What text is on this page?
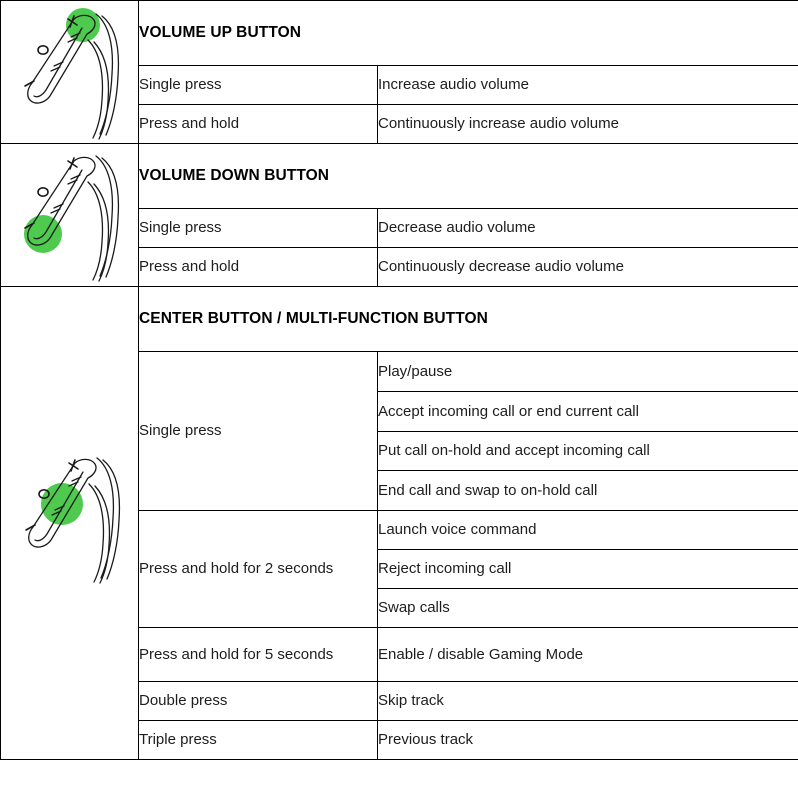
	VOLUME UP BUTTON	
	Single press	Increase audio volume
	Press and hold	Continuously increase audio volume

	VOLUME DOWN BUTTON	
	Single press	Decrease audio volume
	Press and hold	Continuously decrease audio volume

	CENTER BUTTON / MULTI-FUNCTION BUTTON	
	Single press	Play/pause
		Accept incoming call or end current call
		Put call on-hold and accept incoming call
		End call and swap to on-hold call
	Press and hold for 2 seconds	Launch voice command
		Reject incoming call
		Swap calls
	Press and hold for 5 seconds	Enable / disable Gaming Mode
	Double press	Skip track
	Triple press	Previous track
